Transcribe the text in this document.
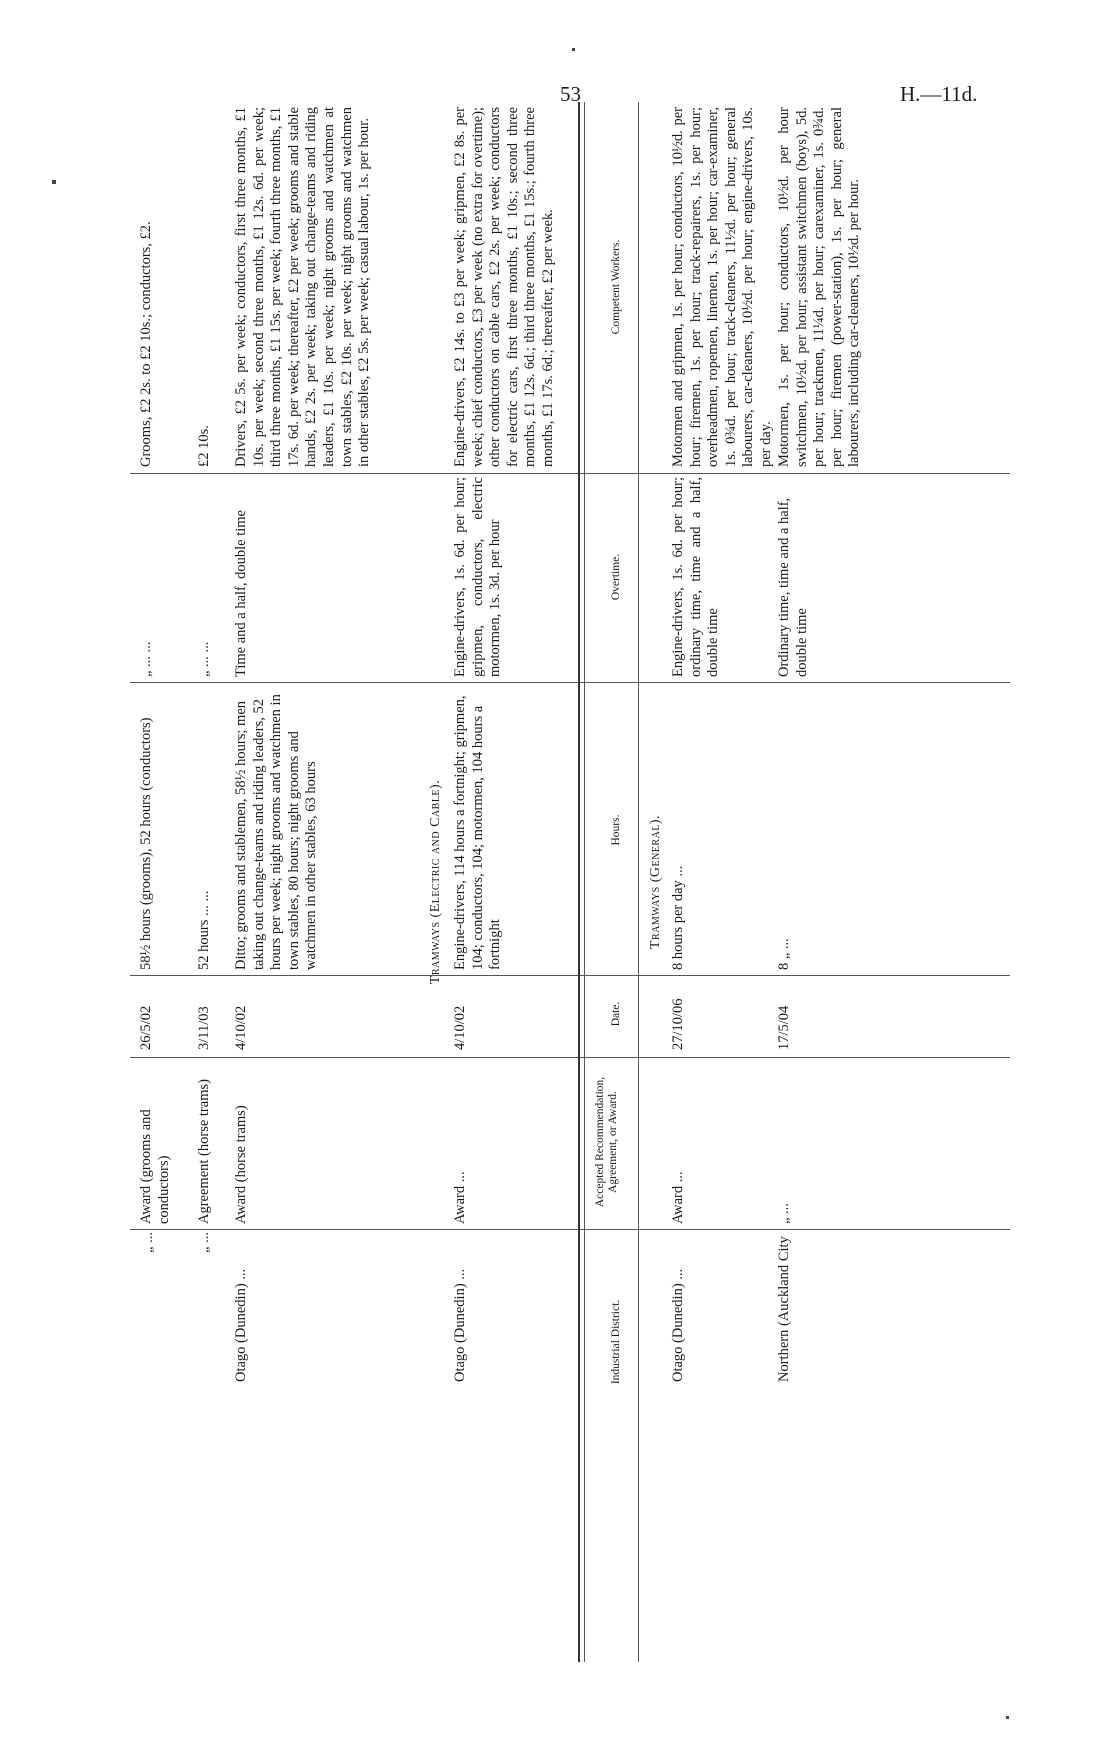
53	H.—11d.
„ ...
Award (grooms and conductors)
26/5/02
58½ hours (grooms), 52 hours (conductors)
„ ... ...
Grooms, £2 2s. to £2 10s.; conductors, £2.
„ ...
Agreement (horse trams)
3/11/03
52 hours ... ...
„ ... ...
£2 10s.
Otago (Dunedin) ...
Award (horse trams)
4/10/02
Ditto; grooms and stablemen, 58½ hours; men taking out change-teams and riding leaders, 52 hours per week; night grooms and watchmen in town stables, 80 hours; night grooms and watchmen in other stables, 63 hours
Time and a half, double time
Drivers, £2 5s. per week; conductors, first three months, £1 10s. per week; second three months, £1 12s. 6d. per week; third three months, £1 15s. per week; fourth three months, £1 17s. 6d. per week; thereafter, £2 per week; grooms and stable hands, £2 2s. per week; taking out change-teams and riding leaders, £1 10s. per week; night grooms and watchmen at town stables, £2 10s. per week; night grooms and watchmen in other stables, £2 5s. per week; casual labour, 1s. per hour.
Tramways (Electric and Cable).
Otago (Dunedin) ...
Award ...
4/10/02
Engine-drivers, 114 hours a fortnight; gripmen, 104; conductors, 104; motormen, 104 hours a fortnight
Engine-drivers, 1s. 6d. per hour; gripmen, conductors, electric motormen, 1s. 3d. per hour
Engine-drivers, £2 14s. to £3 per week; gripmen, £2 8s. per week; chief conductors, £3 per week (no extra for overtime); other conductors on cable cars, £2 2s. per week; conductors for electric cars, first three months, £1 10s.; second three months, £1 12s. 6d.; third three months, £1 15s.; fourth three months, £1 17s. 6d.; thereafter, £2 per week.
Industrial District.
Accepted Recommendation, Agreement, or Award.
Date.
Hours.
Overtime.
Competent Workers.
Tramways (General).
Otago (Dunedin) ...
Award ...
27/10/06
8 hours per day ...
Engine-drivers, 1s. 6d. per hour; ordinary time, time and a half, double time
Motormen and gripmen, 1s. per hour; conductors, 10½d. per hour; firemen, 1s. per hour; track-repairers, 1s. per hour; overheadmen, ropemen, linemen, 1s. per hour; car-examiner, 1s. 0¾d. per hour; track-cleaners, 11½d. per hour; general labourers, car-cleaners, 10½d. per hour; engine-drivers, 10s. per day.
Northern (Auckland City
„ ...
17/5/04
8 „ ...
Ordinary time, time and a half, double time
Motormen, 1s. per hour; conductors, 10½d. per hour switchmen, 10½d. per hour; assistant switchmen (boys), 5d. per hour; trackmen, 11¼d. per hour; carexaminer, 1s. 0¾d. per hour; firemen (power-station), 1s. per hour; general labourers, including car-cleaners, 10½d. per hour.
